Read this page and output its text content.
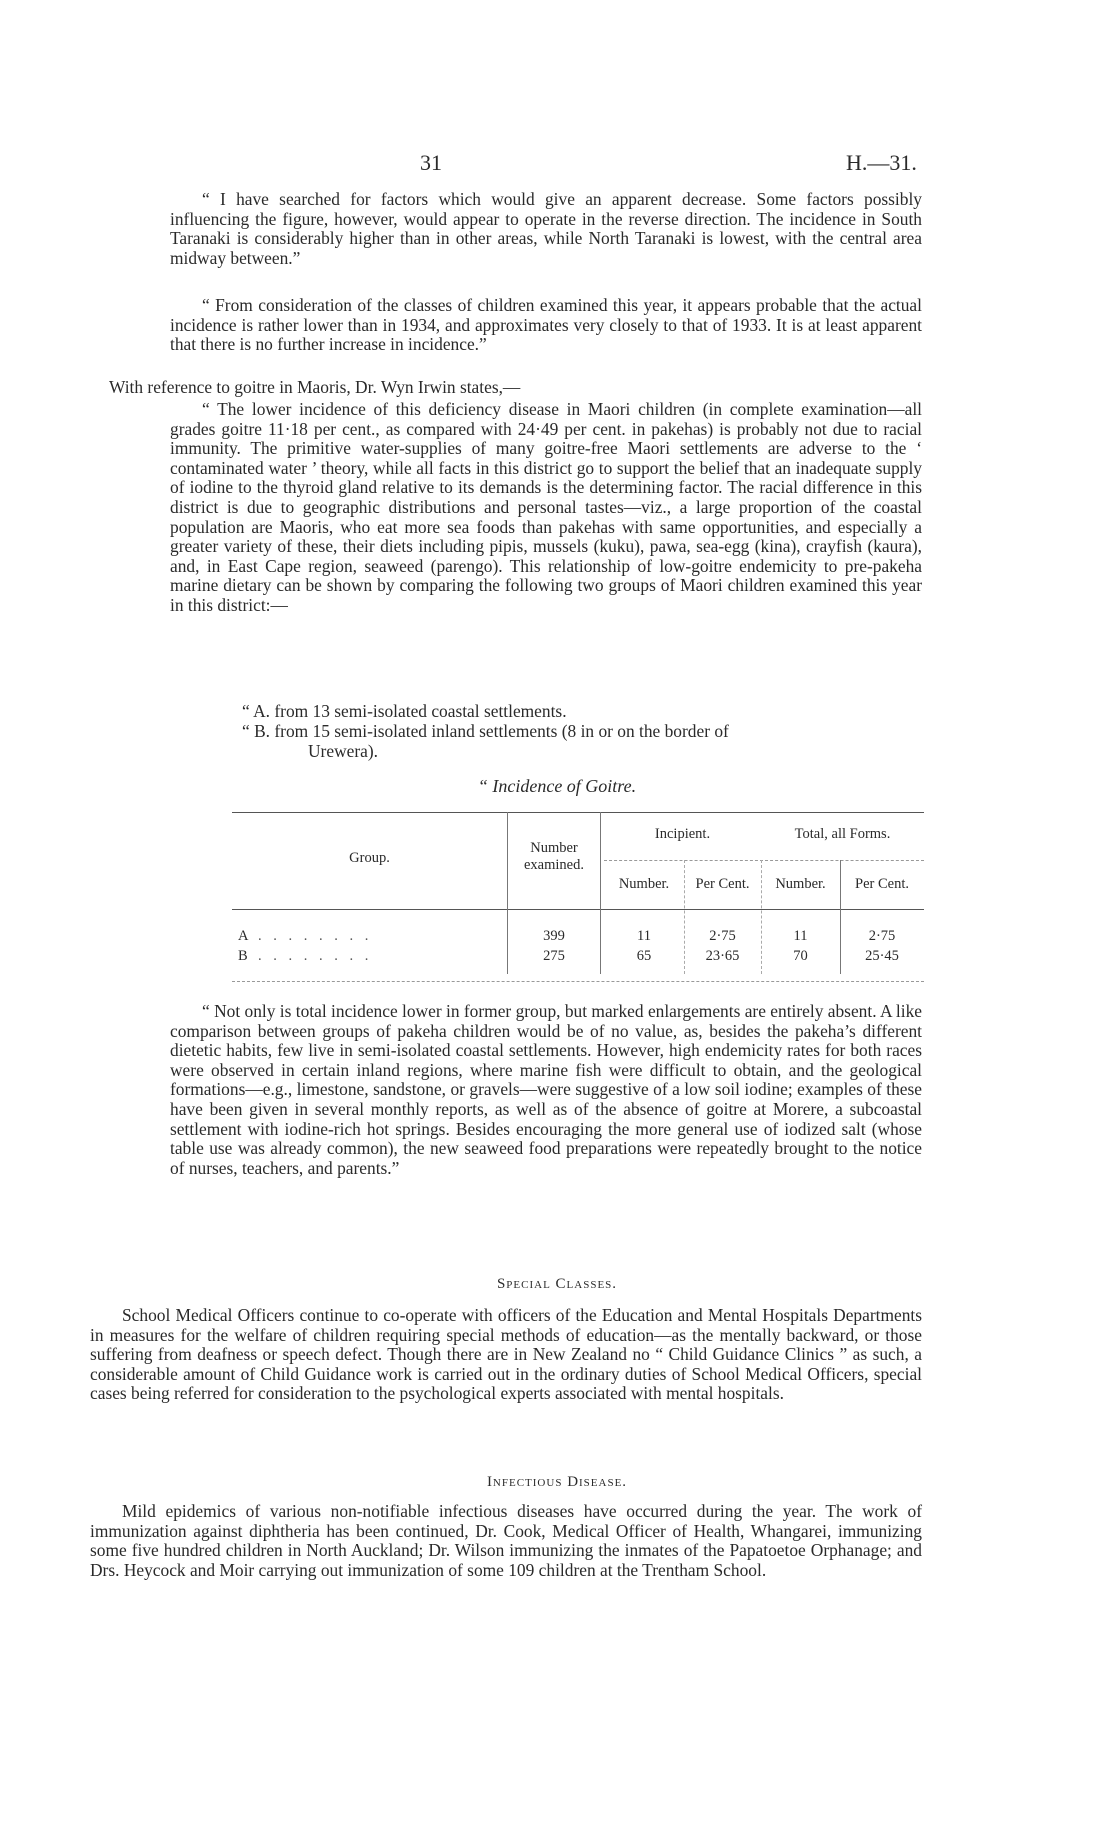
31	H.—31.

“ I have searched for factors which would give an apparent decrease. Some factors possibly influencing the figure, however, would appear to operate in the reverse direction. The incidence in South Taranaki is considerably higher than in other areas, while North Taranaki is lowest, with the central area midway between.”

“ From consideration of the classes of children examined this year, it appears probable that the actual incidence is rather lower than in 1934, and approximates very closely to that of 1933. It is at least apparent that there is no further increase in incidence.”

With reference to goitre in Maoris, Dr. Wyn Irwin states,—

“ The lower incidence of this deficiency disease in Maori children (in complete examination—all grades goitre 11·18 per cent., as compared with 24·49 per cent. in pakehas) is probably not due to racial immunity. The primitive water-supplies of many goitre-free Maori settlements are adverse to the ‘ contaminated water ’ theory, while all facts in this district go to support the belief that an inadequate supply of iodine to the thyroid gland relative to its demands is the determining factor. The racial difference in this district is due to geographic distributions and personal tastes—viz., a large proportion of the coastal population are Maoris, who eat more sea foods than pakehas with same opportunities, and especially a greater variety of these, their diets including pipis, mussels (kuku), pawa, sea-egg (kina), crayfish (kaura), and, in East Cape region, seaweed (parengo). This relationship of low-goitre endemicity to pre-pakeha marine dietary can be shown by comparing the following two groups of Maori children examined this year in this district:—

“ A. from 13 semi-isolated coastal settlements.

“ B. from 15 semi-isolated inland settlements (8 in or on the border of

Urewera).

“ Incidence of Goitre.

Group.
Number examined.
Incipient.	Total, all Forms.
Number.	Per Cent.	Number.	Per Cent.
A . . . . . . . .	399	11	2·75	11	2·75
B . . . . . . . .	275	65	23·65	70	25·45

“ Not only is total incidence lower in former group, but marked enlargements are entirely absent. A like comparison between groups of pakeha children would be of no value, as, besides the pakeha’s different dietetic habits, few live in semi-isolated coastal settlements. However, high endemicity rates for both races were observed in certain inland regions, where marine fish were difficult to obtain, and the geological formations—e.g., limestone, sandstone, or gravels—were suggestive of a low soil iodine; examples of these have been given in several monthly reports, as well as of the absence of goitre at Morere, a subcoastal settlement with iodine-rich hot springs. Besides encouraging the more general use of iodized salt (whose table use was already common), the new seaweed food preparations were repeatedly brought to the notice of nurses, teachers, and parents.”

Special Classes.

School Medical Officers continue to co-operate with officers of the Education and Mental Hospitals Departments in measures for the welfare of children requiring special methods of education—as the mentally backward, or those suffering from deafness or speech defect. Though there are in New Zealand no “ Child Guidance Clinics ” as such, a considerable amount of Child Guidance work is carried out in the ordinary duties of School Medical Officers, special cases being referred for consideration to the psychological experts associated with mental hospitals.

Infectious Disease.

Mild epidemics of various non-notifiable infectious diseases have occurred during the year. The work of immunization against diphtheria has been continued, Dr. Cook, Medical Officer of Health, Whangarei, immunizing some five hundred children in North Auckland; Dr. Wilson immunizing the inmates of the Papatoetoe Orphanage; and Drs. Heycock and Moir carrying out immunization of some 109 children at the Trentham School.
